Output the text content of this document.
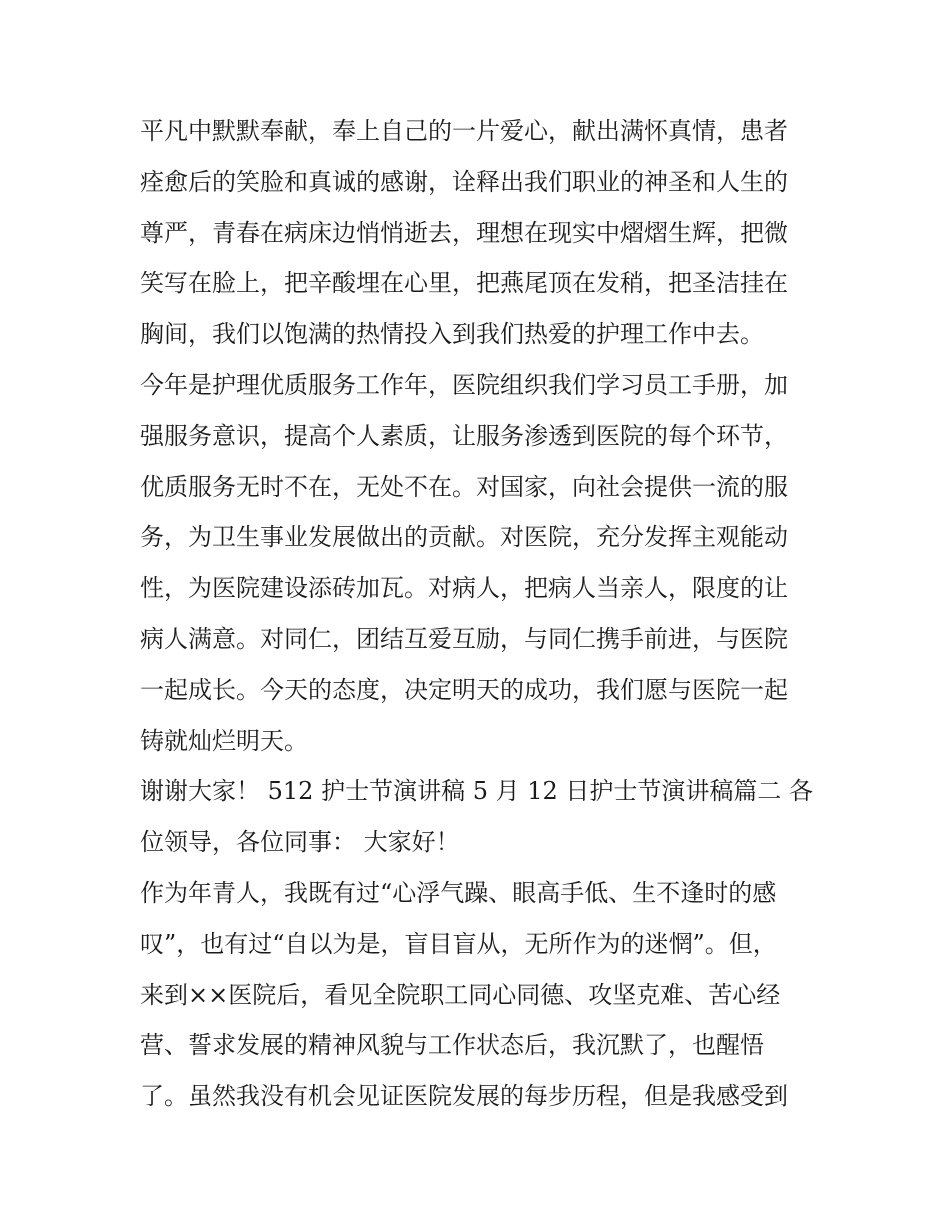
平凡中默默奉献，奉上自己的一片爱心，献出满怀真情，患者
痊愈后的笑脸和真诚的感谢，诠释出我们职业的神圣和人生的
尊严，青春在病床边悄悄逝去，理想在现实中熠熠生辉，把微
笑写在脸上，把辛酸埋在心里，把燕尾顶在发稍，把圣洁挂在
胸间，我们以饱满的热情投入到我们热爱的护理工作中去。
今年是护理优质服务工作年，医院组织我们学习员工手册，加
强服务意识，提高个人素质，让服务渗透到医院的每个环节，
优质服务无时不在，无处不在。对国家，向社会提供一流的服
务，为卫生事业发展做出的贡献。对医院，充分发挥主观能动
性，为医院建设添砖加瓦。对病人，把病人当亲人，限度的让
病人满意。对同仁，团结互爱互励，与同仁携手前进，与医院
一起成长。今天的态度，决定明天的成功，我们愿与医院一起
铸就灿烂明天。
谢谢大家！ 512 护士节演讲稿 5 月 12 日护士节演讲稿篇二 各
位领导，各位同事： 大家好！
作为年青人，我既有过“心浮气躁、眼高手低、生不逢时的感
叹”，也有过“自以为是，盲目盲从，无所作为的迷惘”。但，
来到××医院后，看见全院职工同心同德、攻坚克难、苦心经
营、誓求发展的精神风貌与工作状态后，我沉默了，也醒悟
了。虽然我没有机会见证医院发展的每步历程，但是我感受到
